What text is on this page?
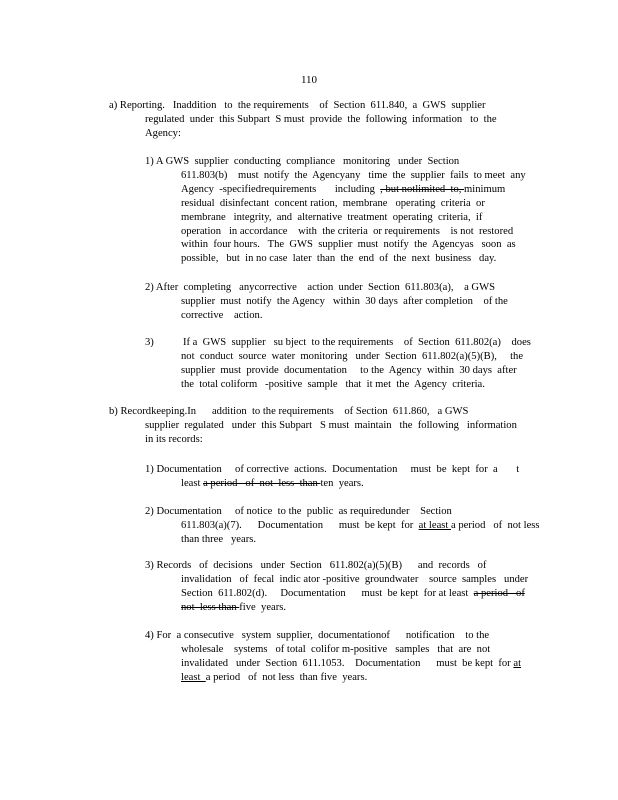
110
a) Reporting.   Inaddition   to  the requirements    of  Section  611.840,  a  GWS  supplier
regulated  under  this Subpart  S must  provide  the  following  information   to  the
Agency:
1) A GWS  supplier  conducting  compliance   monitoring   under  Section
611.803(b)    must  notify  the  Agencyany   time  the  supplier  fails  to meet  any
Agency  -specifiedrequirements       including  , but notlimited  to, minimum
residual  disinfectant  concent ration,  membrane   operating  criteria  or
membrane   integrity,  and  alternative  treatment  operating  criteria,  if
operation   in accordance    with  the criteria  or requirements    is not  restored
within  four hours.   The  GWS  supplier  must  notify  the  Agencyas   soon  as
possible,   but  in no case  later  than  the  end  of  the  next  business   day.
2) After  completing   anycorrective    action  under  Section  611.803(a),    a GWS
supplier  must  notify  the Agency   within  30 days  after completion    of the
corrective    action.
3)           If a  GWS  supplier   su bject  to the requirements    of  Section  611.802(a)    does
not  conduct  source  water  monitoring   under  Section  611.802(a)(5)(B),     the
supplier  must  provide  documentation     to the  Agency  within  30 days  after
the  total coliform   -positive  sample   that  it met  the  Agency  criteria.
b) Recordkeeping.In      addition  to the requirements    of Section  611.860,   a GWS
supplier  regulated   under  this Subpart   S must  maintain   the  following   information
in its records:
1) Documentation     of corrective  actions.  Documentation     must  be  kept  for  a       t
least a period   of  not  less  than ten  years.
2) Documentation     of notice  to the  public  as requiredunder    Section
611.803(a)(7).      Documentation      must  be kept  for  at least a period   of  not less
than three   years.
3) Records   of  decisions   under  Section   611.802(a)(5)(B)      and  records   of
invalidation   of  fecal  indic ator -positive  groundwater    source  samples   under
Section  611.802(d).     Documentation      must  be kept  for at least  a period   of
not  less than five  years.
4) For  a consecutive   system  supplier,  documentationof      notification    to the
wholesale    systems   of total  colifor m-positive   samples   that  are  not
invalidated   under  Section  611.1053.    Documentation      must  be kept  for at
least  a period   of  not less  than five  years.
